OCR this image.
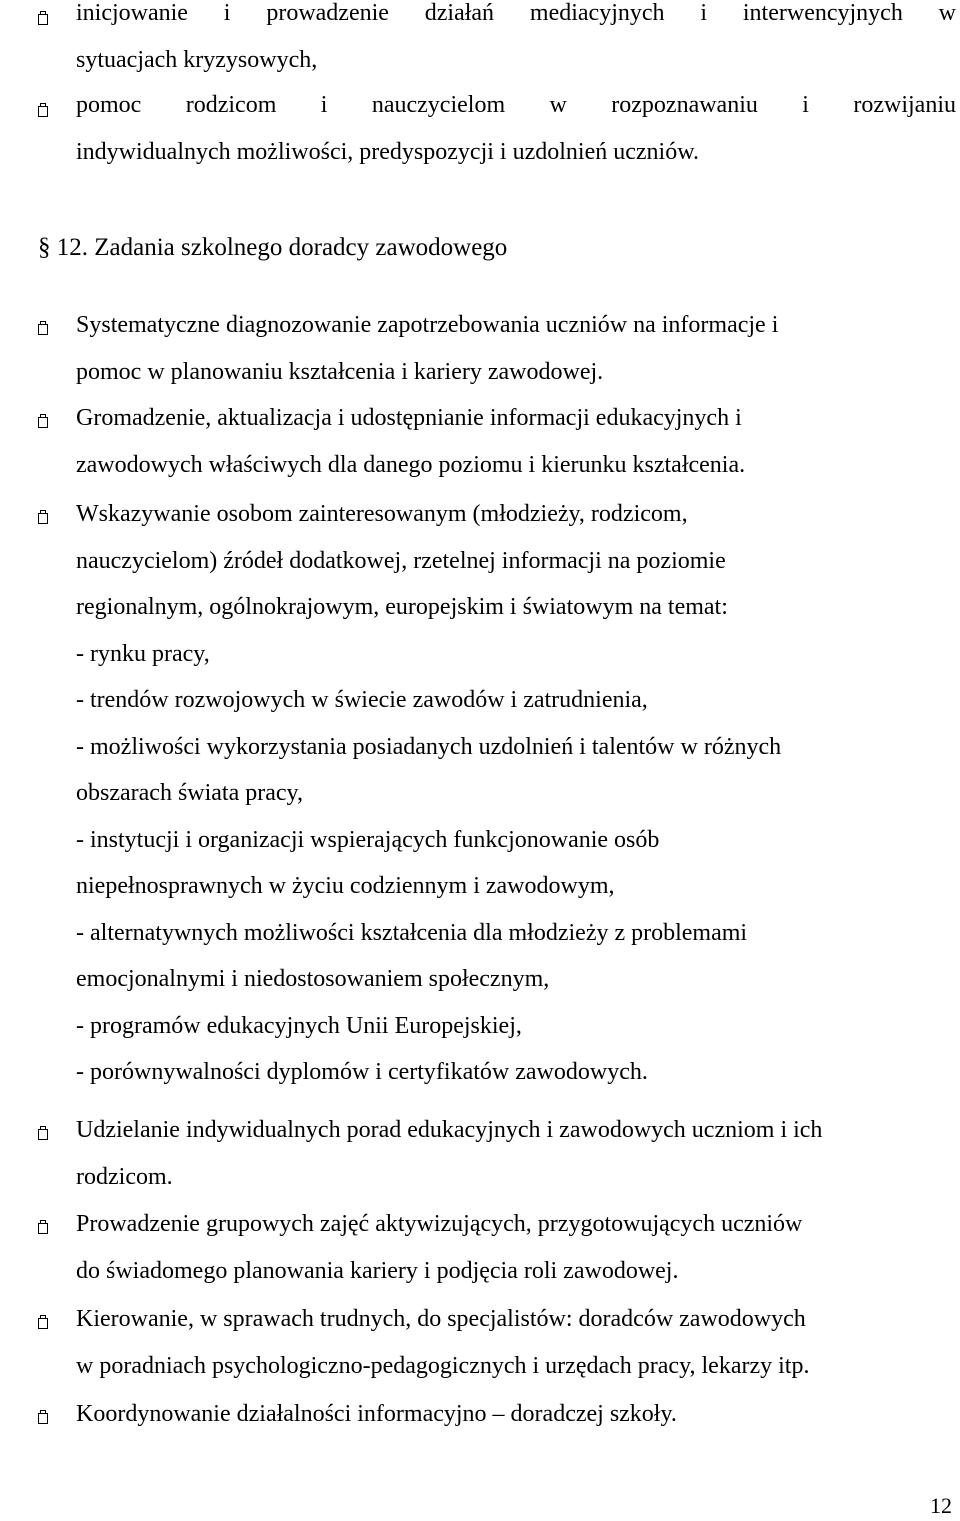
inicjowanie i prowadzenie działań mediacyjnych i interwencyjnych w
sytuacjach kryzysowych,
pomoc rodzicom i nauczycielom w rozpoznawaniu i rozwijaniu
indywidualnych możliwości, predyspozycji i uzdolnień uczniów.
§ 12. Zadania szkolnego doradcy zawodowego
Systematyczne diagnozowanie zapotrzebowania uczniów na informacje i
pomoc w planowaniu kształcenia i kariery zawodowej.
Gromadzenie, aktualizacja i udostępnianie informacji edukacyjnych i
zawodowych właściwych dla danego poziomu i kierunku kształcenia.
Wskazywanie osobom zainteresowanym (młodzieży, rodzicom,
nauczycielom) źródeł dodatkowej, rzetelnej informacji na poziomie
regionalnym, ogólnokrajowym, europejskim i światowym na temat:
- rynku pracy,
- trendów rozwojowych w świecie zawodów i zatrudnienia,
- możliwości wykorzystania posiadanych uzdolnień i talentów w różnych
obszarach świata pracy,
- instytucji i organizacji wspierających funkcjonowanie osób
niepełnosprawnych w życiu codziennym i zawodowym,
- alternatywnych możliwości kształcenia dla młodzieży z problemami
emocjonalnymi i niedostosowaniem społecznym,
- programów edukacyjnych Unii Europejskiej,
- porównywalności dyplomów i certyfikatów zawodowych.
Udzielanie indywidualnych porad edukacyjnych i zawodowych uczniom i ich
rodzicom.
Prowadzenie grupowych zajęć aktywizujących, przygotowujących uczniów
do świadomego planowania kariery i podjęcia roli zawodowej.
Kierowanie, w sprawach trudnych, do specjalistów: doradców zawodowych
w poradniach psychologiczno-pedagogicznych i urzędach pracy, lekarzy itp.
Koordynowanie działalności informacyjno – doradczej szkoły.
12
